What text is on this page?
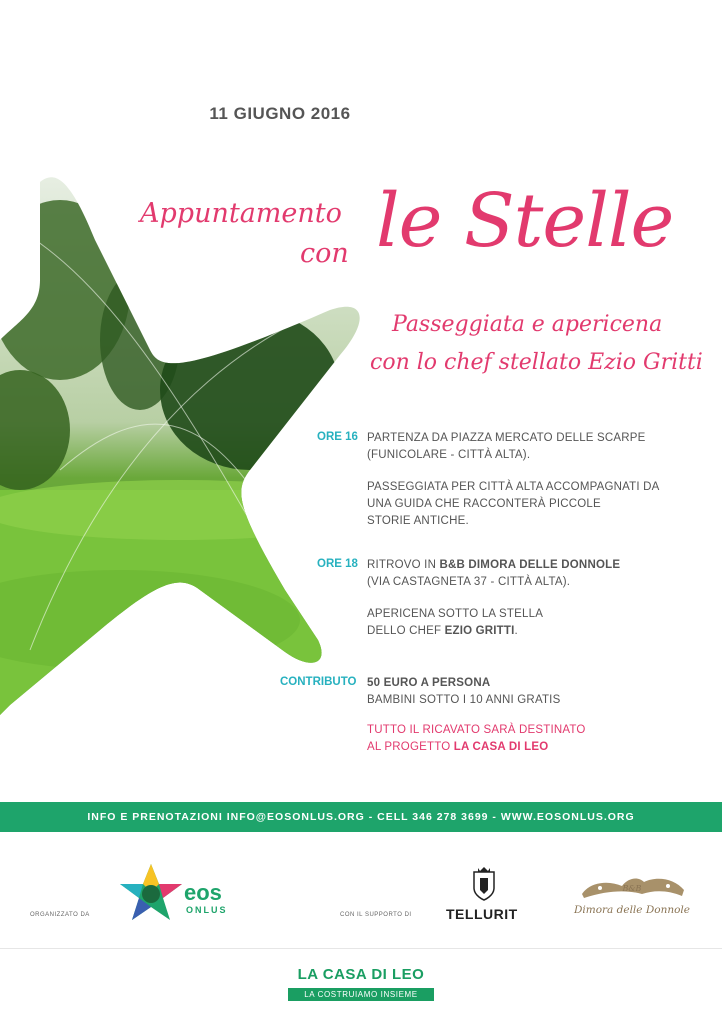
11 GIUGNO 2016
Appuntamento
con le Stelle
Passeggiata e apericena
con lo chef stellato Ezio Gritti
ORE 16 PARTENZA DA PIAZZA MERCATO DELLE SCARPE
(FUNICOLARE - CITTÀ ALTA).
PASSEGGIATA PER CITTÀ ALTA ACCOMPAGNATI DA
UNA GUIDA CHE RACCONTERÀ PICCOLE
STORIE ANTICHE.
ORE 18 RITROVO IN B&B DIMORA DELLE DONNOLE
(VIA CASTAGNETA 37 - CITTÀ ALTA).
APERICENA SOTTO LA STELLA
DELLO CHEF EZIO GRITTI.
CONTRIBUTO 50 EURO A PERSONA
BAMBINI SOTTO I 10 ANNI GRATIS
TUTTO IL RICAVATO SARÀ DESTINATO
AL PROGETTO LA CASA DI LEO
INFO E PRENOTAZIONI INFO@EOSONLUS.ORG - CELL 346 278 3699 - WWW.EOSONLUS.ORG
ORGANIZZATO DA
eos
ONLUS	CON IL SUPPORTO DI TELLURIT
B&B
Dimora delle Donnole
LA CASA DI LEO
LA COSTRUIAMO INSIEME
